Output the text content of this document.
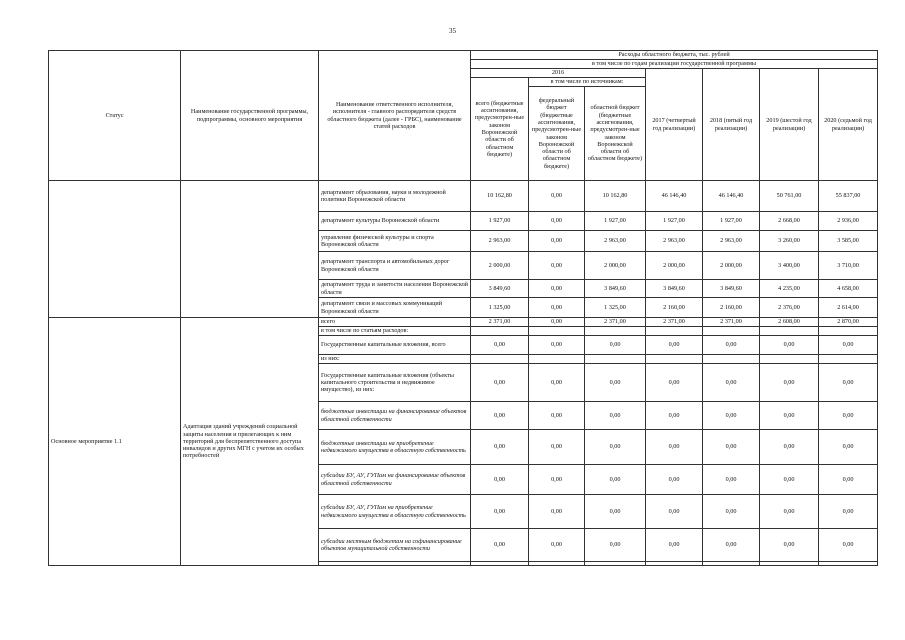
35
Статус	Наименование государственной программы, подпрограммы, основного мероприятия	Наименование ответственного исполнителя, исполнителя - главного распорядителя средств областного бюджета (далее - ГРБС), наименование статей расходов	Расходы областного бюджета, тыс. рублей						
			в том числе по годам реализации государственной программы						
			2016			2017 (четвертый год реализации)	2018 (пятый год реализации)	2019 (шестой год реализации)	2020 (седьмой год реализации)
			всего (бюджетные ассигнования, предусмотрен-ные законом Воронежской области об областном бюджете)	в том числе по источникам:					
				федеральный бюджет (бюджетные ассигнования, предусмотрен-ные законом Воронежской области об областном бюджете)	областной бюджет (бюджетные ассигнования, предусмотрен-ные законом Воронежской области об областном бюджете)				
		департамент образования, науки и молодежной политики Воронежской области	10 162,80	0,00	10 162,80	46 146,40	46 146,40	50 761,00	55 837,00
		департамент культуры Воронежской области	1 927,00	0,00	1 927,00	1 927,00	1 927,00	2 668,00	2 936,00
		управление физической культуры и спорта Воронежской области	2 963,00	0,00	2 963,00	2 963,00	2 963,00	3 260,00	3 585,00
		департамент транспорта и автомобильных дорог Воронежской области	2 000,00	0,00	2 000,00	2 000,00	2 000,00	3 400,00	3 710,00
		департамент труда и занятости населения Воронежской области	3 849,60	0,00	3 849,60	3 849,60	3 849,60	4 235,00	4 658,00
		департамент связи и массовых коммуникаций Воронежской области	1 325,00	0,00	1 325,00	2 160,00	2 160,00	2 376,00	2 614,00
Основное мероприятие 1.1	Адаптация зданий учреждений социальной защиты населения и прилегающих к ним территорий для беспрепятственного доступа инвалидов и других МГН с учетом их особых потребностей	всего	2 371,00	0,00	2 371,00	2 371,00	2 371,00	2 608,00	2 870,00
		в том числе по статьям расходов:							
		Государственные капитальные вложения, всего	0,00	0,00	0,00	0,00	0,00	0,00	0,00
		из них:							
		Государственные капитальные вложения (объекты капитального строительства и недвижимое имущество), из них:	0,00	0,00	0,00	0,00	0,00	0,00	0,00
		бюджетные инвестиции на финансирование объектов областной собственности	0,00	0,00	0,00	0,00	0,00	0,00	0,00
		бюджетные инвестиции на приобретение недвижимого имущества в областную собственность	0,00	0,00	0,00	0,00	0,00	0,00	0,00
		субсидии БУ, АУ, ГУПам на финансирование объектов областной собственности	0,00	0,00	0,00	0,00	0,00	0,00	0,00
		субсидии БУ, АУ, ГУПам на приобретение недвижимого имущества в областную собственность	0,00	0,00	0,00	0,00	0,00	0,00	0,00
		субсидии местным бюджетам на софинансирование объектов муниципальной собственности	0,00	0,00	0,00	0,00	0,00	0,00	0,00
